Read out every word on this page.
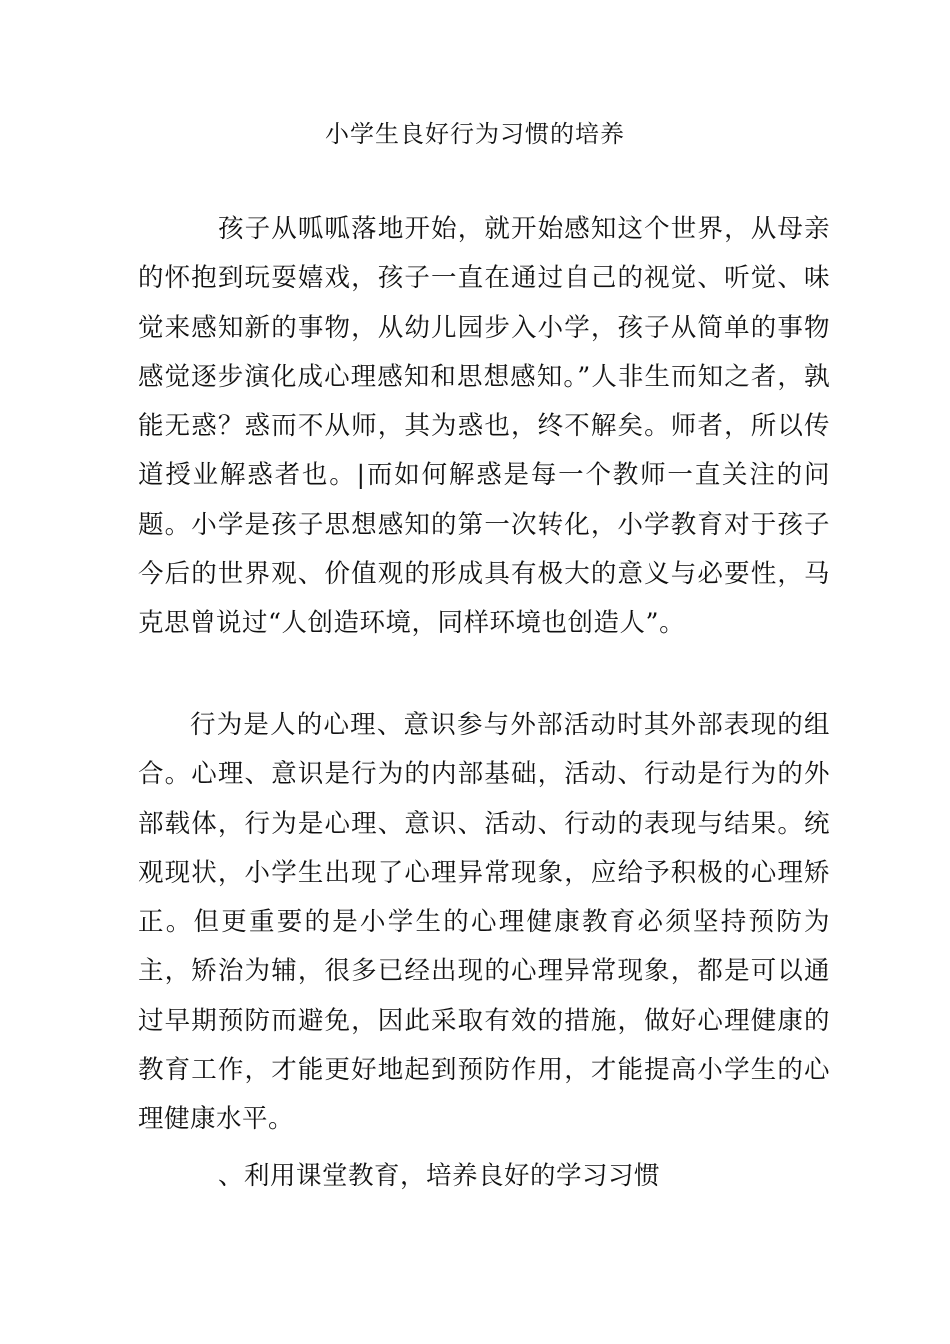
小学生良好行为习惯的培养

孩子从呱呱落地开始，就开始感知这个世界，从母亲的怀抱到玩耍嬉戏，孩子一直在通过自己的视觉、听觉、味觉来感知新的事物，从幼儿园步入小学，孩子从简单的事物感觉逐步演化成心理感知和思想感知。”人非生而知之者，孰能无惑？惑而不从师，其为惑也，终不解矣。师者，所以传道授业解惑者也。|而如何解惑是每一个教师一直关注的问题。小学是孩子思想感知的第一次转化，小学教育对于孩子今后的世界观、价值观的形成具有极大的意义与必要性，马克思曾说过“人创造环境，同样环境也创造人”。

行为是人的心理、意识参与外部活动时其外部表现的组合。心理、意识是行为的内部基础，活动、行动是行为的外部载体，行为是心理、意识、活动、行动的表现与结果。统观现状，小学生出现了心理异常现象，应给予积极的心理矫正。但更重要的是小学生的心理健康教育必须坚持预防为主，矫治为辅，很多已经出现的心理异常现象，都是可以通过早期预防而避免，因此采取有效的措施，做好心理健康的教育工作，才能更好地起到预防作用，才能提高小学生的心理健康水平。

、利用课堂教育，培养良好的学习习惯
